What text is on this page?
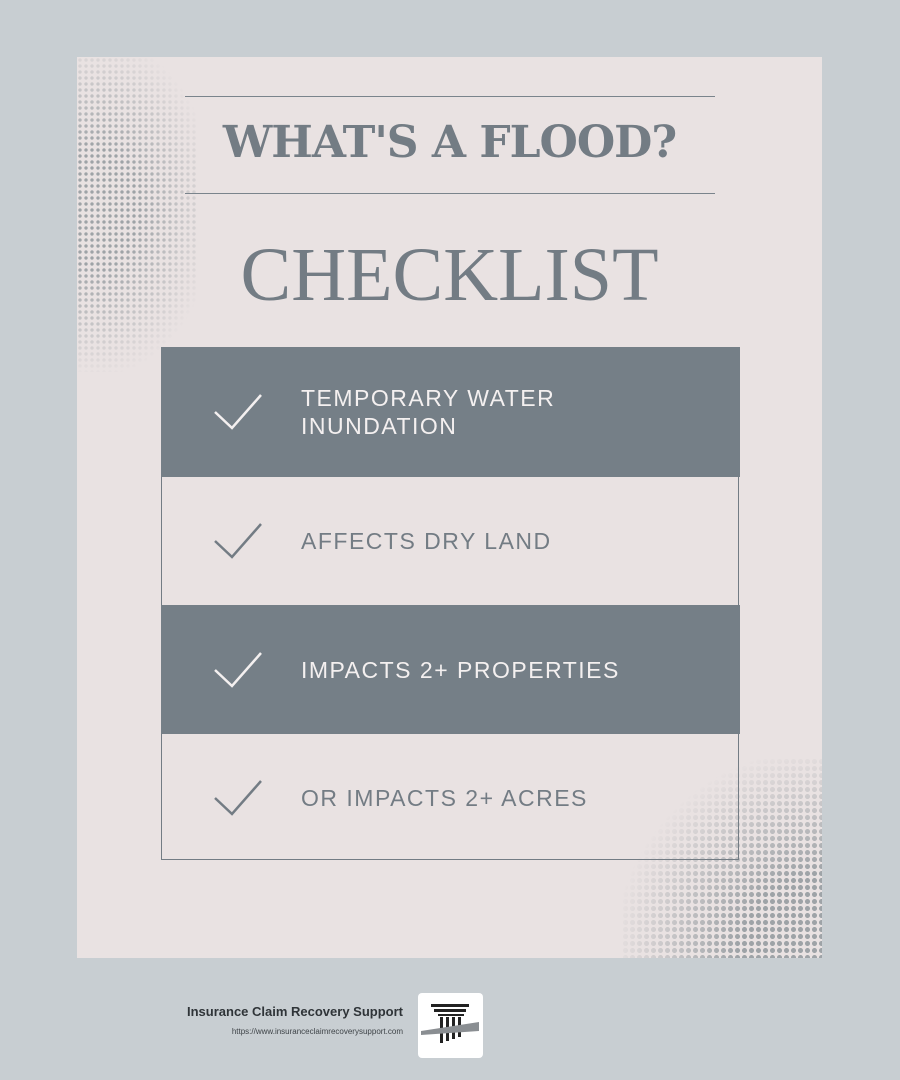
WHAT'S A FLOOD?
CHECKLIST
TEMPORARY WATER INUNDATION
AFFECTS DRY LAND
IMPACTS 2+ PROPERTIES
OR IMPACTS 2+ ACRES
Insurance Claim Recovery Support
https://www.insuranceclaimrecoverysupport.com
